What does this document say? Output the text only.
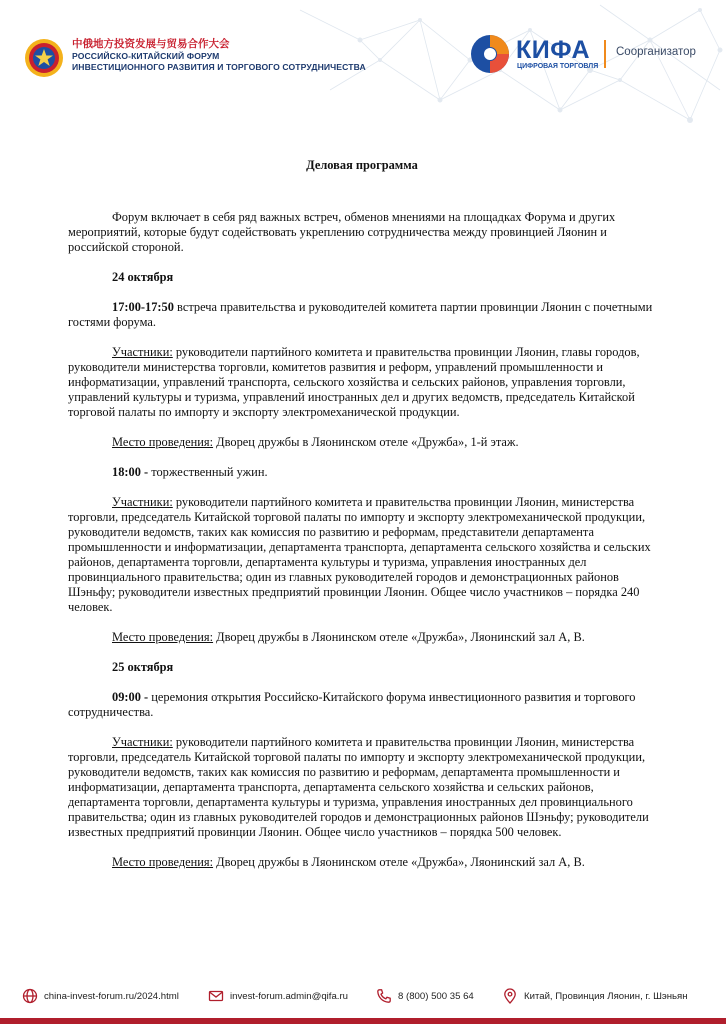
中俄地方投资发展与贸易合作大会
РОССИЙСКО-КИТАЙСКИЙ ФОРУМ
ИНВЕСТИЦИОННОГО РАЗВИТИЯ И ТОРГОВОГО СОТРУДНИЧЕСТВА
КИФА
ЦИФРОВАЯ ТОРГОВЛЯ
Соорганизатор

Деловая программа

Форум включает в себя ряд важных встреч, обменов мнениями на площадках Форума и других мероприятий, которые будут содействовать укреплению сотрудничества между провинцией Ляонин и российской стороной.

24 октября

17:00-17:50 встреча правительства и руководителей комитета партии провинции Ляонин с почетными гостями форума.

Участники: руководители партийного комитета и правительства провинции Ляонин, главы городов, руководители министерства торговли, комитетов развития и реформ, управлений промышленности и информатизации, управлений транспорта, сельского хозяйства и сельских районов, управления торговли, управлений культуры и туризма, управлений иностранных дел и других ведомств, председатель Китайской торговой палаты по импорту и экспорту электромеханической продукции.

Место проведения: Дворец дружбы в Ляонинском отеле «Дружба», 1-й этаж.

18:00 - торжественный ужин.

Участники: руководители партийного комитета и правительства провинции Ляонин, министерства торговли, председатель Китайской торговой палаты по импорту и экспорту электромеханической продукции, руководители ведомств, таких как комиссия по развитию и реформам, представители департамента промышленности и информатизации, департамента транспорта, департамента сельского хозяйства и сельских районов, департамента торговли, департамента культуры и туризма, управления иностранных дел провинциального правительства; один из главных руководителей городов и демонстрационных районов Шэньфу; руководители известных предприятий провинции Ляонин. Общее число участников – порядка 240 человек.

Место проведения: Дворец дружбы в Ляонинском отеле «Дружба», Ляонинский зал А, В.

25 октября

09:00 - церемония открытия Российско-Китайского форума инвестиционного развития и торгового сотрудничества.

Участники: руководители партийного комитета и правительства провинции Ляонин, министерства торговли, председатель Китайской торговой палаты по импорту и экспорту электромеханической продукции, руководители ведомств, таких как комиссия по развитию и реформам, департамента промышленности и информатизации, департамента транспорта, департамента сельского хозяйства и сельских районов, департамента торговли, департамента культуры и туризма, управления иностранных дел провинциального правительства; один из главных руководителей городов и демонстрационных районов Шэньфу; руководители известных предприятий провинции Ляонин. Общее число участников – порядка 500 человек.

Место проведения: Дворец дружбы в Ляонинском отеле «Дружба», Ляонинский зал А, В.

china-invest-forum.ru/2024.html	invest-forum.admin@qifa.ru	8 (800) 500 35 64	Китай, Провинция Ляонин, г. Шэньян
